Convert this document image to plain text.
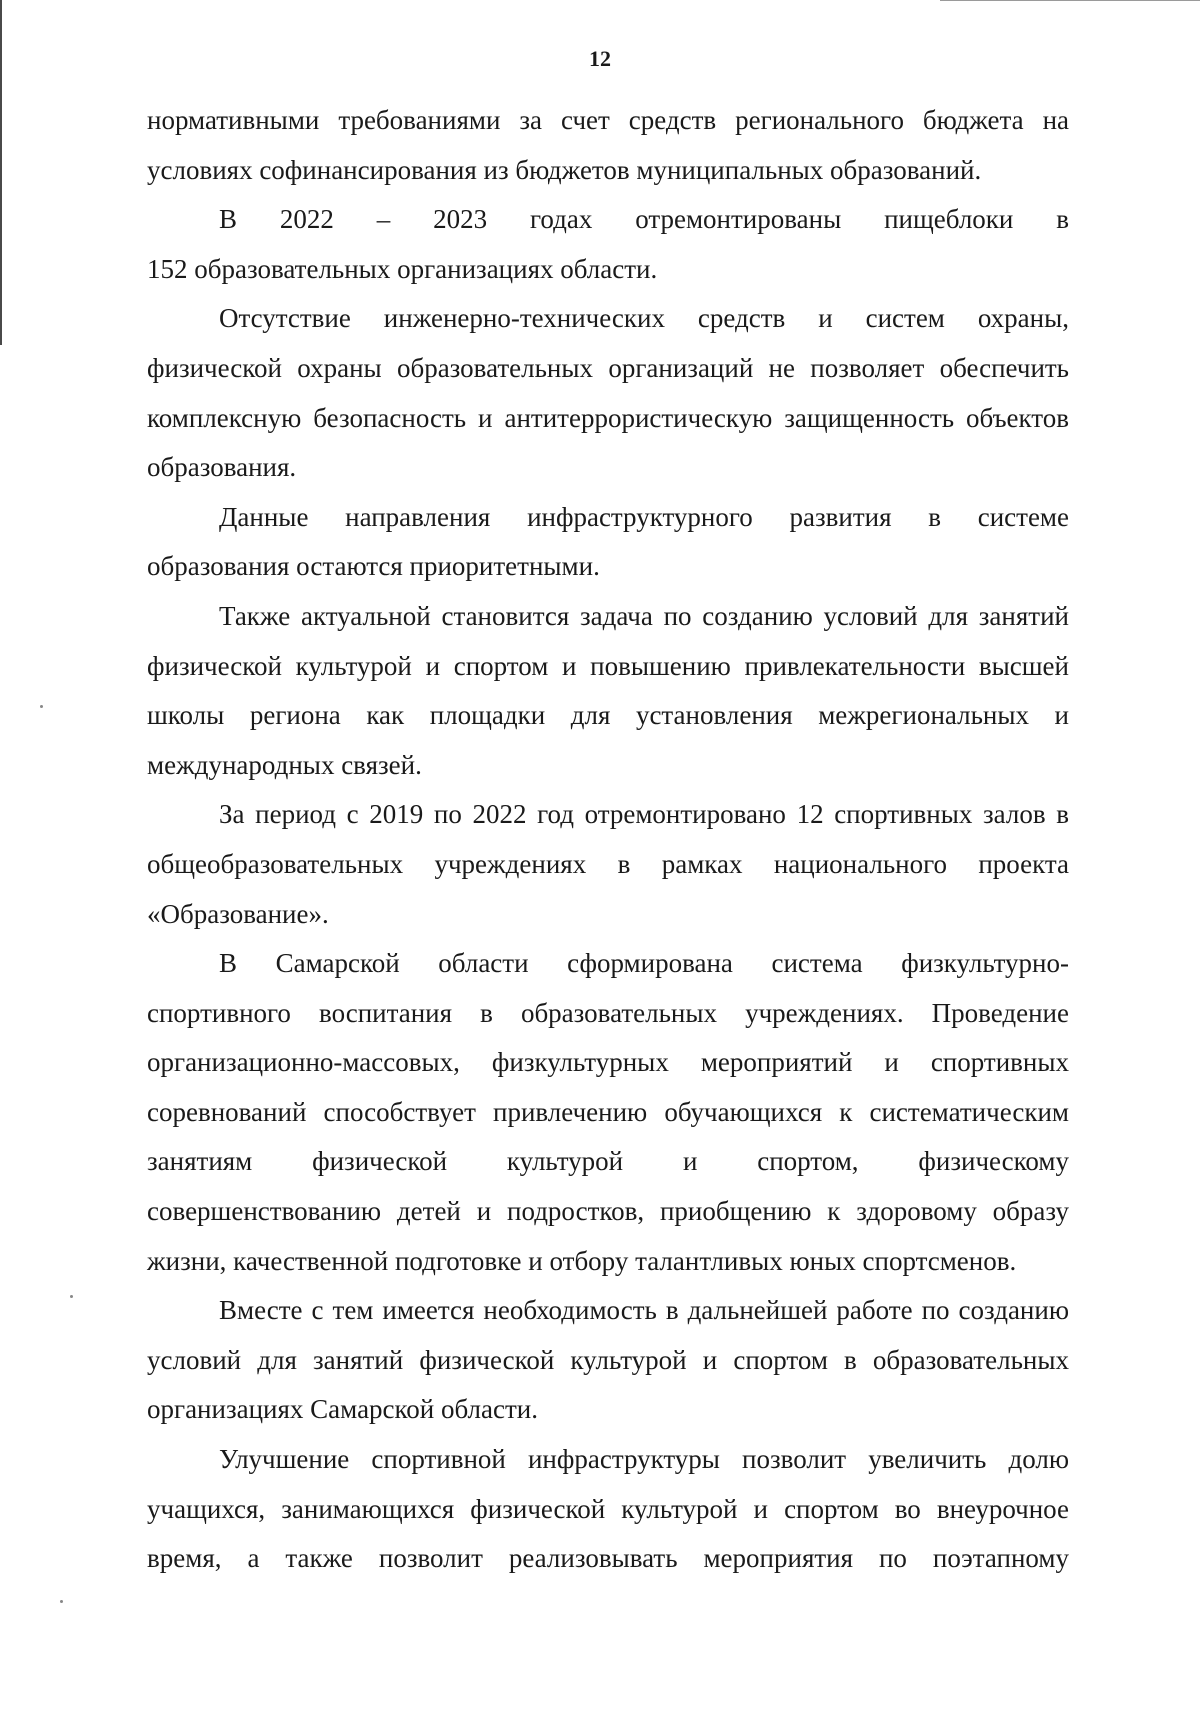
12
нормативными требованиями за счет средств регионального бюджета на
условиях софинансирования из бюджетов муниципальных образований.
В 2022 – 2023 годах отремонтированы пищеблоки в
152 образовательных организациях области.
Отсутствие инженерно-технических средств и систем охраны,
физической охраны образовательных организаций не позволяет обеспечить
комплексную безопасность и антитеррористическую защищенность объектов
образования.
Данные направления инфраструктурного развития в системе
образования остаются приоритетными.
Также актуальной становится задача по созданию условий для занятий
физической культурой и спортом и повышению привлекательности высшей
школы региона как площадки для установления межрегиональных и
международных связей.
За период с 2019 по 2022 год отремонтировано 12 спортивных залов в
общеобразовательных учреждениях в рамках национального проекта
«Образование».
В Самарской области сформирована система физкультурно-
спортивного воспитания в образовательных учреждениях. Проведение
организационно-массовых, физкультурных мероприятий и спортивных
соревнований способствует привлечению обучающихся к систематическим
занятиям физической культурой и спортом, физическому
совершенствованию детей и подростков, приобщению к здоровому образу
жизни, качественной подготовке и отбору талантливых юных спортсменов.
Вместе с тем имеется необходимость в дальнейшей работе по созданию
условий для занятий физической культурой и спортом в образовательных
организациях Самарской области.
Улучшение спортивной инфраструктуры позволит увеличить долю
учащихся, занимающихся физической культурой и спортом во внеурочное
время, а также позволит реализовывать мероприятия по поэтапному
